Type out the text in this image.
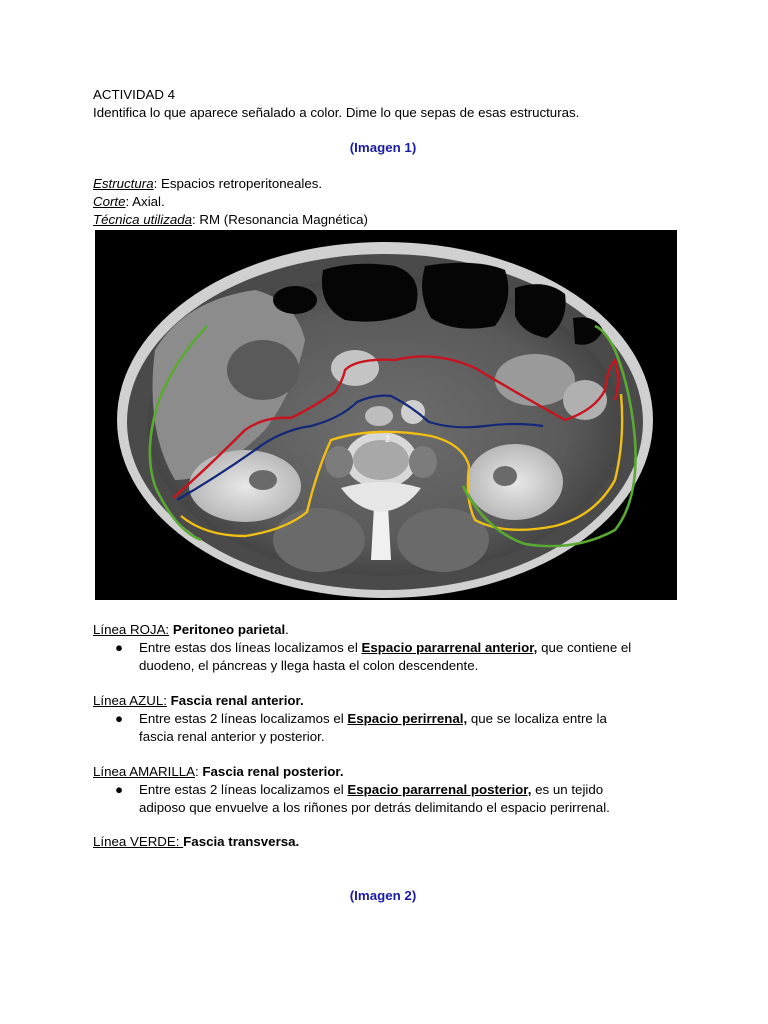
ACTIVIDAD 4
Identifica lo que aparece señalado a color. Dime lo que sepas de esas estructuras.
(Imagen 1)
Estructura: Espacios retroperitoneales.
Corte: Axial.
Técnica utilizada: RM (Resonancia Magnética)
2
Línea ROJA: Peritoneo parietal.
● Entre estas dos líneas localizamos el Espacio pararrenal anterior, que contiene el
duodeno, el páncreas y llega hasta el colon descendente.
Línea AZUL: Fascia renal anterior.
● Entre estas 2 líneas localizamos el Espacio perirrenal, que se localiza entre la
fascia renal anterior y posterior.
Línea AMARILLA: Fascia renal posterior.
● Entre estas 2 líneas localizamos el Espacio pararrenal posterior, es un tejido
adiposo que envuelve a los riñones por detrás delimitando el espacio perirrenal.
Línea VERDE: Fascia transversa.
(Imagen 2)
